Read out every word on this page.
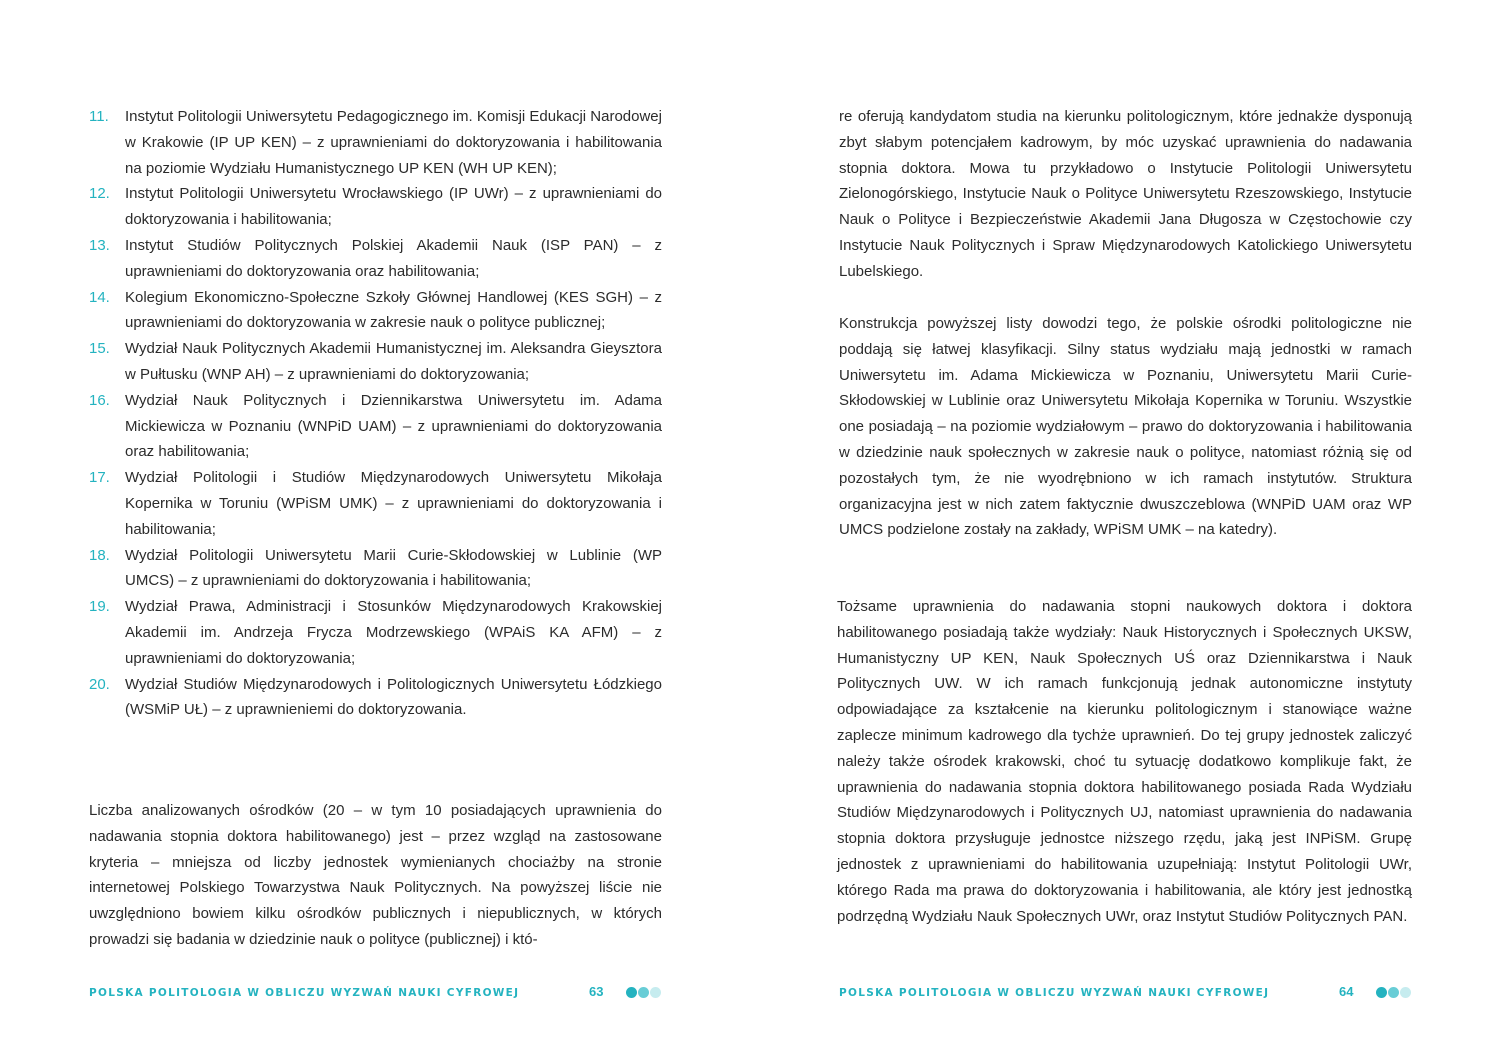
11.	Instytut Politologii Uniwersytetu Pedagogicznego im. Komisji Edukacji Narodowej w Krakowie (IP UP KEN) – z uprawnieniami do doktoryzowania i habilitowania na poziomie Wydziału Humanistycznego UP KEN (WH UP KEN);
12.	Instytut Politologii Uniwersytetu Wrocławskiego (IP UWr) – z uprawnieniami do doktoryzowania i habilitowania;
13.	Instytut Studiów Politycznych Polskiej Akademii Nauk (ISP PAN) – z uprawnieniami do doktoryzowania oraz habilitowania;
14.	Kolegium Ekonomiczno-Społeczne Szkoły Głównej Handlowej (KES SGH) – z uprawnieniami do doktoryzowania w zakresie nauk o polityce publicznej;
15.	Wydział Nauk Politycznych Akademii Humanistycznej im. Aleksandra Gieysztora w Pułtusku (WNP AH) – z uprawnieniami do doktoryzowania;
16.	Wydział Nauk Politycznych i Dziennikarstwa Uniwersytetu im. Adama Mickiewicza w Poznaniu (WNPiD UAM) – z uprawnieniami do doktoryzowania oraz habilitowania;
17.	Wydział Politologii i Studiów Międzynarodowych Uniwersytetu Mikołaja Kopernika w Toruniu (WPiSM UMK) – z uprawnieniami do doktoryzowania i habilitowania;
18.	Wydział Politologii Uniwersytetu Marii Curie-Skłodowskiej w Lublinie (WP UMCS) – z uprawnieniami do doktoryzowania i habilitowania;
19.	Wydział Prawa, Administracji i Stosunków Międzynarodowych Krakowskiej Akademii im. Andrzeja Frycza Modrzewskiego (WPAiS KA AFM) – z uprawnieniami do doktoryzowania;
20.	Wydział Studiów Międzynarodowych i Politologicznych Uniwersytetu Łódzkiego (WSMiP UŁ) – z uprawnieniemi do doktoryzowania.

Liczba analizowanych ośrodków (20 – w tym 10 posiadających uprawnienia do nadawania stopnia doktora habilitowanego) jest – przez wzgląd na zastosowane kryteria – mniejsza od liczby jednostek wymienianych chociażby na stronie internetowej Polskiego Towarzystwa Nauk Politycznych. Na powyższej liście nie uwzględniono bowiem kilku ośrodków publicznych i niepublicznych, w których prowadzi się badania w dziedzinie nauk o polityce (publicznej) i któ-

POLSKA POLITOLOGIA W OBLICZU WYZWAŃ NAUKI CYFROWEJ	63

re oferują kandydatom studia na kierunku politologicznym, które jednakże dysponują zbyt słabym potencjałem kadrowym, by móc uzyskać uprawnienia do nadawania stopnia doktora. Mowa tu przykładowo o Instytucie Politologii Uniwersytetu Zielonogórskiego, Instytucie Nauk o Polityce Uniwersytetu Rzeszowskiego, Instytucie Nauk o Polityce i Bezpieczeństwie Akademii Jana Długosza w Częstochowie czy Instytucie Nauk Politycznych i Spraw Międzynarodowych Katolickiego Uniwersytetu Lubelskiego.

Konstrukcja powyższej listy dowodzi tego, że polskie ośrodki politologiczne nie poddają się łatwej klasyfikacji. Silny status wydziału mają jednostki w ramach Uniwersytetu im. Adama Mickiewicza w Poznaniu, Uniwersytetu Marii Curie-Skłodowskiej w Lublinie oraz Uniwersytetu Mikołaja Kopernika w Toruniu. Wszystkie one posiadają – na poziomie wydziałowym – prawo do doktoryzowania i habilitowania w dziedzinie nauk społecznych w zakresie nauk o polityce, natomiast różnią się od pozostałych tym, że nie wyodrębniono w ich ramach instytutów. Struktura organizacyjna jest w nich zatem faktycznie dwuszczeblowa (WNPiD UAM oraz WP UMCS podzielone zostały na zakłady, WPiSM UMK – na katedry).

Tożsame uprawnienia do nadawania stopni naukowych doktora i doktora habilitowanego posiadają także wydziały: Nauk Historycznych i Społecznych UKSW, Humanistyczny UP KEN, Nauk Społecznych UŚ oraz Dziennikarstwa i Nauk Politycznych UW. W ich ramach funkcjonują jednak autonomiczne instytuty odpowiadające za kształcenie na kierunku politologicznym i stanowiące ważne zaplecze minimum kadrowego dla tychże uprawnień. Do tej grupy jednostek zaliczyć należy także ośrodek krakowski, choć tu sytuację dodatkowo komplikuje fakt, że uprawnienia do nadawania stopnia doktora habilitowanego posiada Rada Wydziału Studiów Międzynarodowych i Politycznych UJ, natomiast uprawnienia do nadawania stopnia doktora przysługuje jednostce niższego rzędu, jaką jest INPiSM. Grupę jednostek z uprawnieniami do habilitowania uzupełniają: Instytut Politologii UWr, którego Rada ma prawa do doktoryzowania i habilitowania, ale który jest jednostką podrzędną Wydziału Nauk Społecznych UWr, oraz Instytut Studiów Politycznych PAN.

POLSKA POLITOLOGIA W OBLICZU WYZWAŃ NAUKI CYFROWEJ	64
